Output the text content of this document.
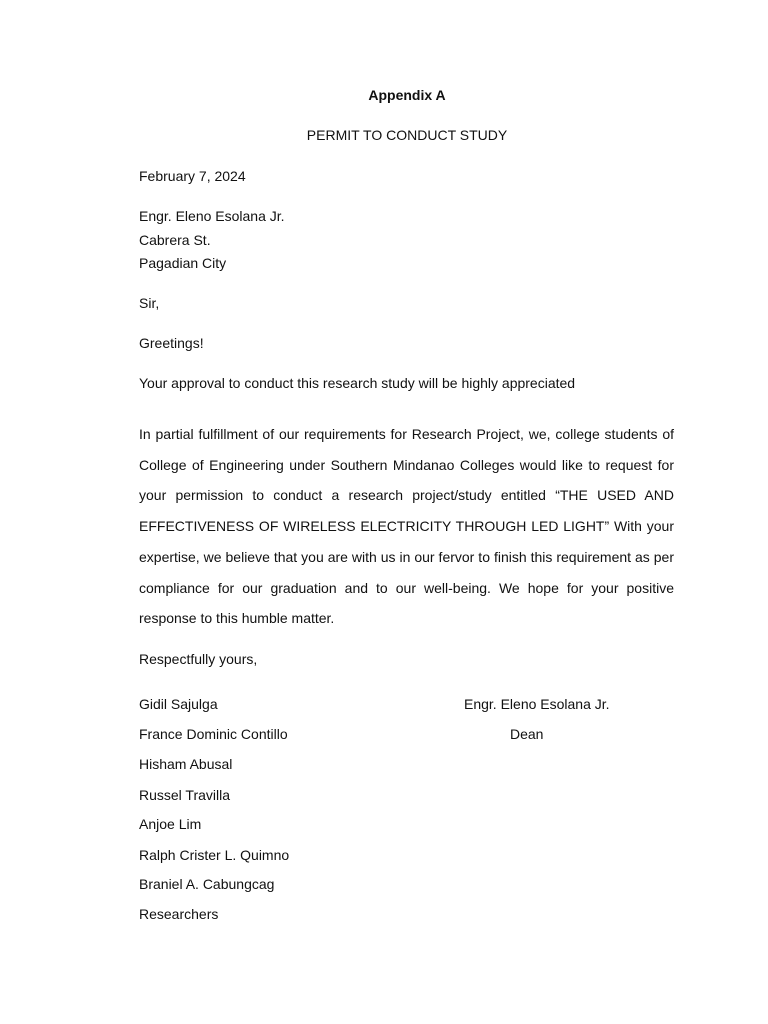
Appendix A
PERMIT TO CONDUCT STUDY
February 7, 2024
Engr. Eleno Esolana Jr.
Cabrera St.
Pagadian City
Sir,
Greetings!
Your approval to conduct this research study will be highly appreciated
In partial fulfillment of our requirements for Research Project, we, college students of College of Engineering under Southern Mindanao Colleges would like to request for your permission to conduct a research project/study entitled “THE USED AND EFFECTIVENESS OF WIRELESS ELECTRICITY THROUGH LED LIGHT” With your expertise, we believe that you are with us in our fervor to finish this requirement as per compliance for our graduation and to our well-being. We hope for your positive response to this humble matter.
Respectfully yours,
Gidil Sajulga
France Dominic Contillo
Hisham Abusal
Russel Travilla
Anjoe Lim
Ralph Crister L. Quimno
Braniel A. Cabungcag
Researchers
Engr. Eleno Esolana Jr.
Dean
